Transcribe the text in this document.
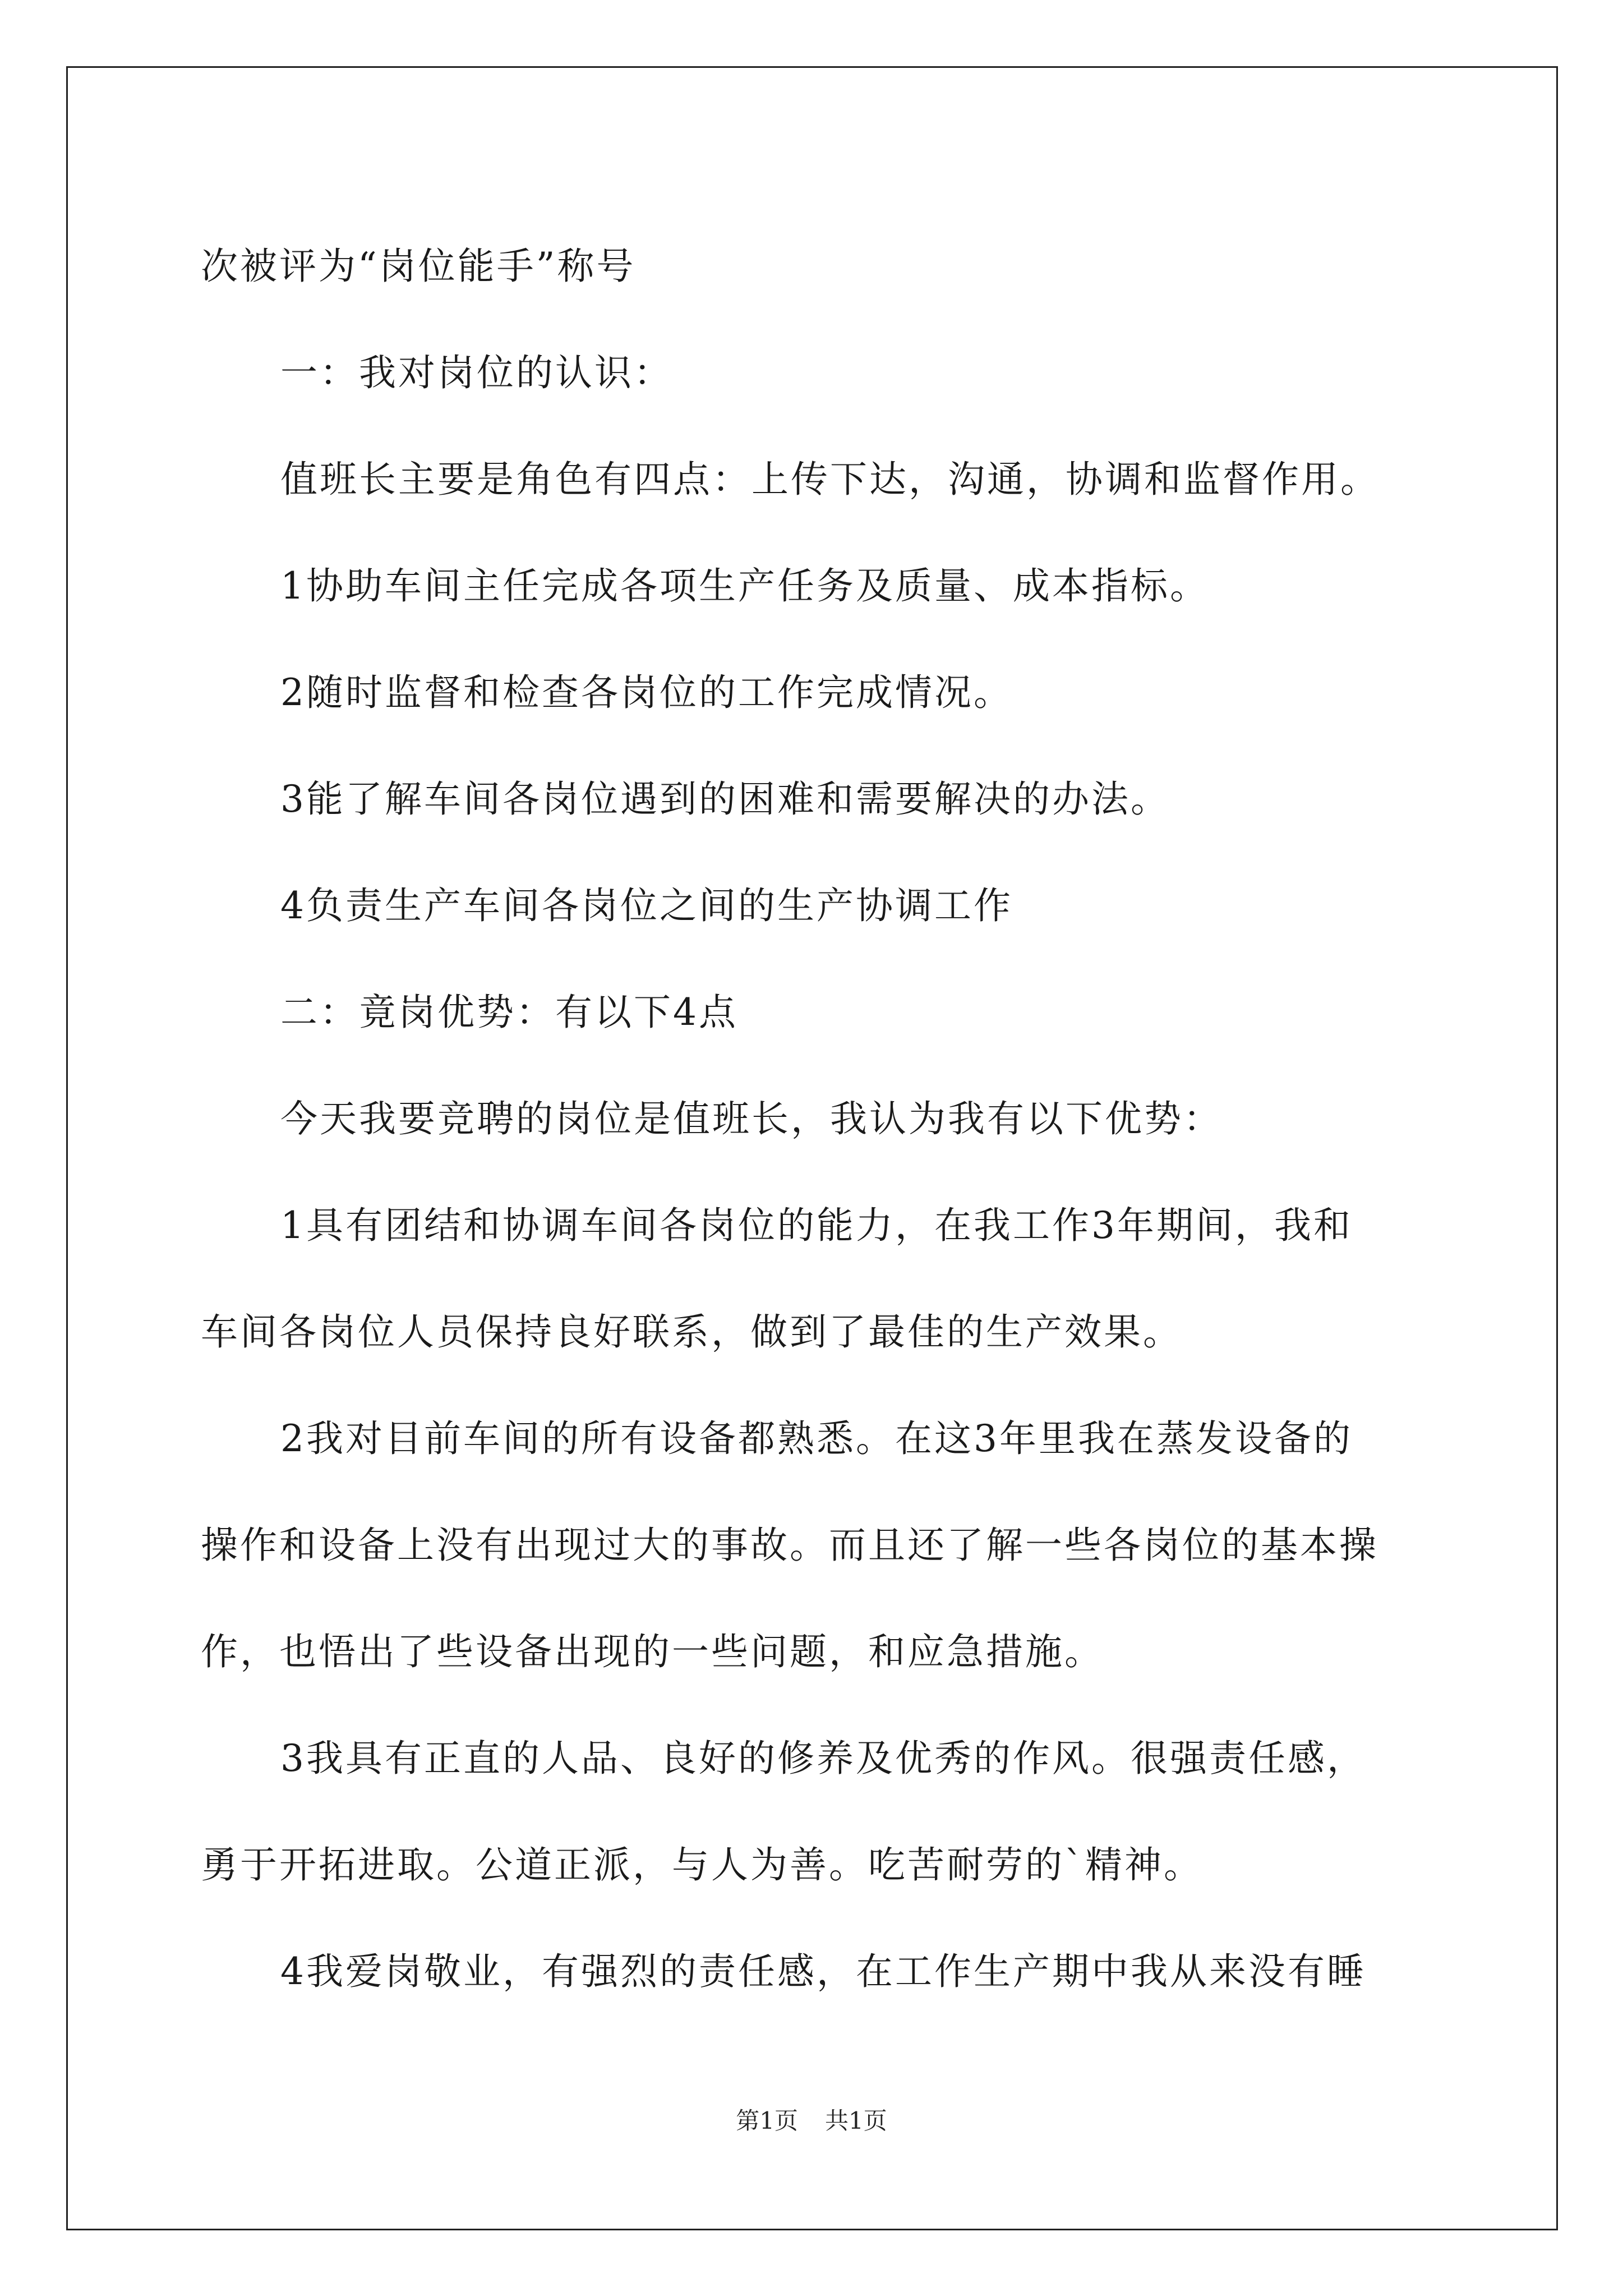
次被评为“岗位能手”称号

一：我对岗位的认识：

值班长主要是角色有四点：上传下达，沟通，协调和监督作用。

1协助车间主任完成各项生产任务及质量、成本指标。

2随时监督和检查各岗位的工作完成情况。

3能了解车间各岗位遇到的困难和需要解决的办法。

4负责生产车间各岗位之间的生产协调工作

二：竟岗优势：有以下4点

今天我要竞聘的岗位是值班长，我认为我有以下优势：

1具有团结和协调车间各岗位的能力，在我工作3年期间，我和

车间各岗位人员保持良好联系，做到了最佳的生产效果。

2我对目前车间的所有设备都熟悉。在这3年里我在蒸发设备的

操作和设备上没有出现过大的事故。而且还了解一些各岗位的基本操

作，也悟出了些设备出现的一些问题，和应急措施。

3我具有正直的人品、良好的修养及优秀的作风。很强责任感，

勇于开拓进取。公道正派，与人为善。吃苦耐劳的`精神。

4我爱岗敬业，有强烈的责任感，在工作生产期中我从来没有睡

第1页 共1页
